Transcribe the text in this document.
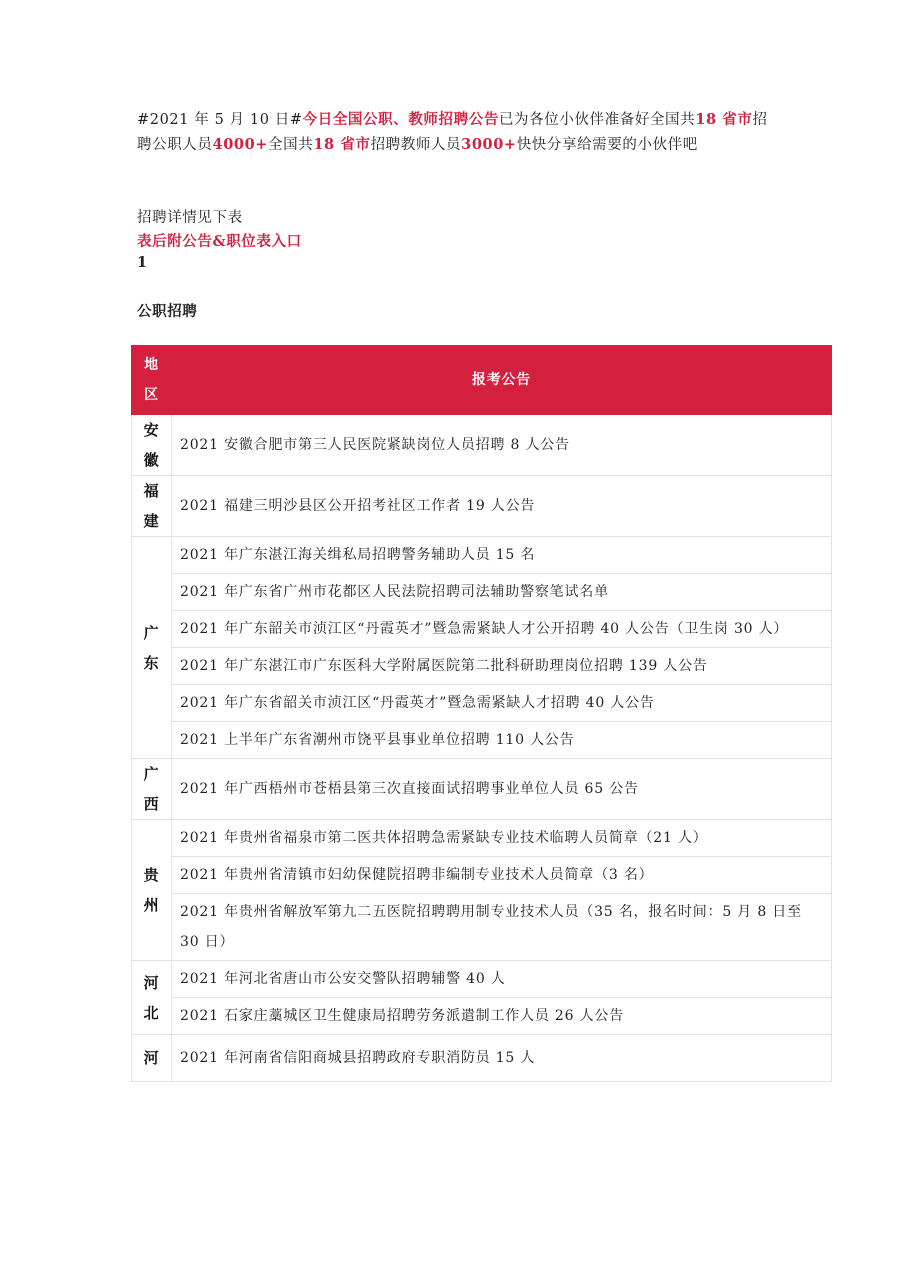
#2021 年 5 月 10 日#今日全国公职、教师招聘公告已为各位小伙伴准备好全国共18 省市招聘公职人员4000+全国共18 省市招聘教师人员3000+快快分享给需要的小伙伴吧

招聘详情见下表

表后附公告&职位表入口

1

公职招聘

地区	报考公告
安徽	2021 安徽合肥市第三人民医院紧缺岗位人员招聘 8 人公告
福建	2021 福建三明沙县区公开招考社区工作者 19 人公告
广东	2021 年广东湛江海关缉私局招聘警务辅助人员 15 名
	2021 年广东省广州市花都区人民法院招聘司法辅助警察笔试名单
	2021 年广东韶关市浈江区“丹霞英才”暨急需紧缺人才公开招聘 40 人公告（卫生岗 30 人）
	2021 年广东湛江市广东医科大学附属医院第二批科研助理岗位招聘 139 人公告
	2021 年广东省韶关市浈江区“丹霞英才”暨急需紧缺人才招聘 40 人公告
	2021 上半年广东省潮州市饶平县事业单位招聘 110 人公告
广西	2021 年广西梧州市苍梧县第三次直接面试招聘事业单位人员 65 公告
贵州	2021 年贵州省福泉市第二医共体招聘急需紧缺专业技术临聘人员简章（21 人）
	2021 年贵州省清镇市妇幼保健院招聘非编制专业技术人员简章（3 名）
	2021 年贵州省解放军第九二五医院招聘聘用制专业技术人员（35 名，报名时间：5 月 8 日至 30 日）
河北	2021 年河北省唐山市公安交警队招聘辅警 40 人
	2021 石家庄藁城区卫生健康局招聘劳务派遣制工作人员 26 人公告
河	2021 年河南省信阳商城县招聘政府专职消防员 15 人
